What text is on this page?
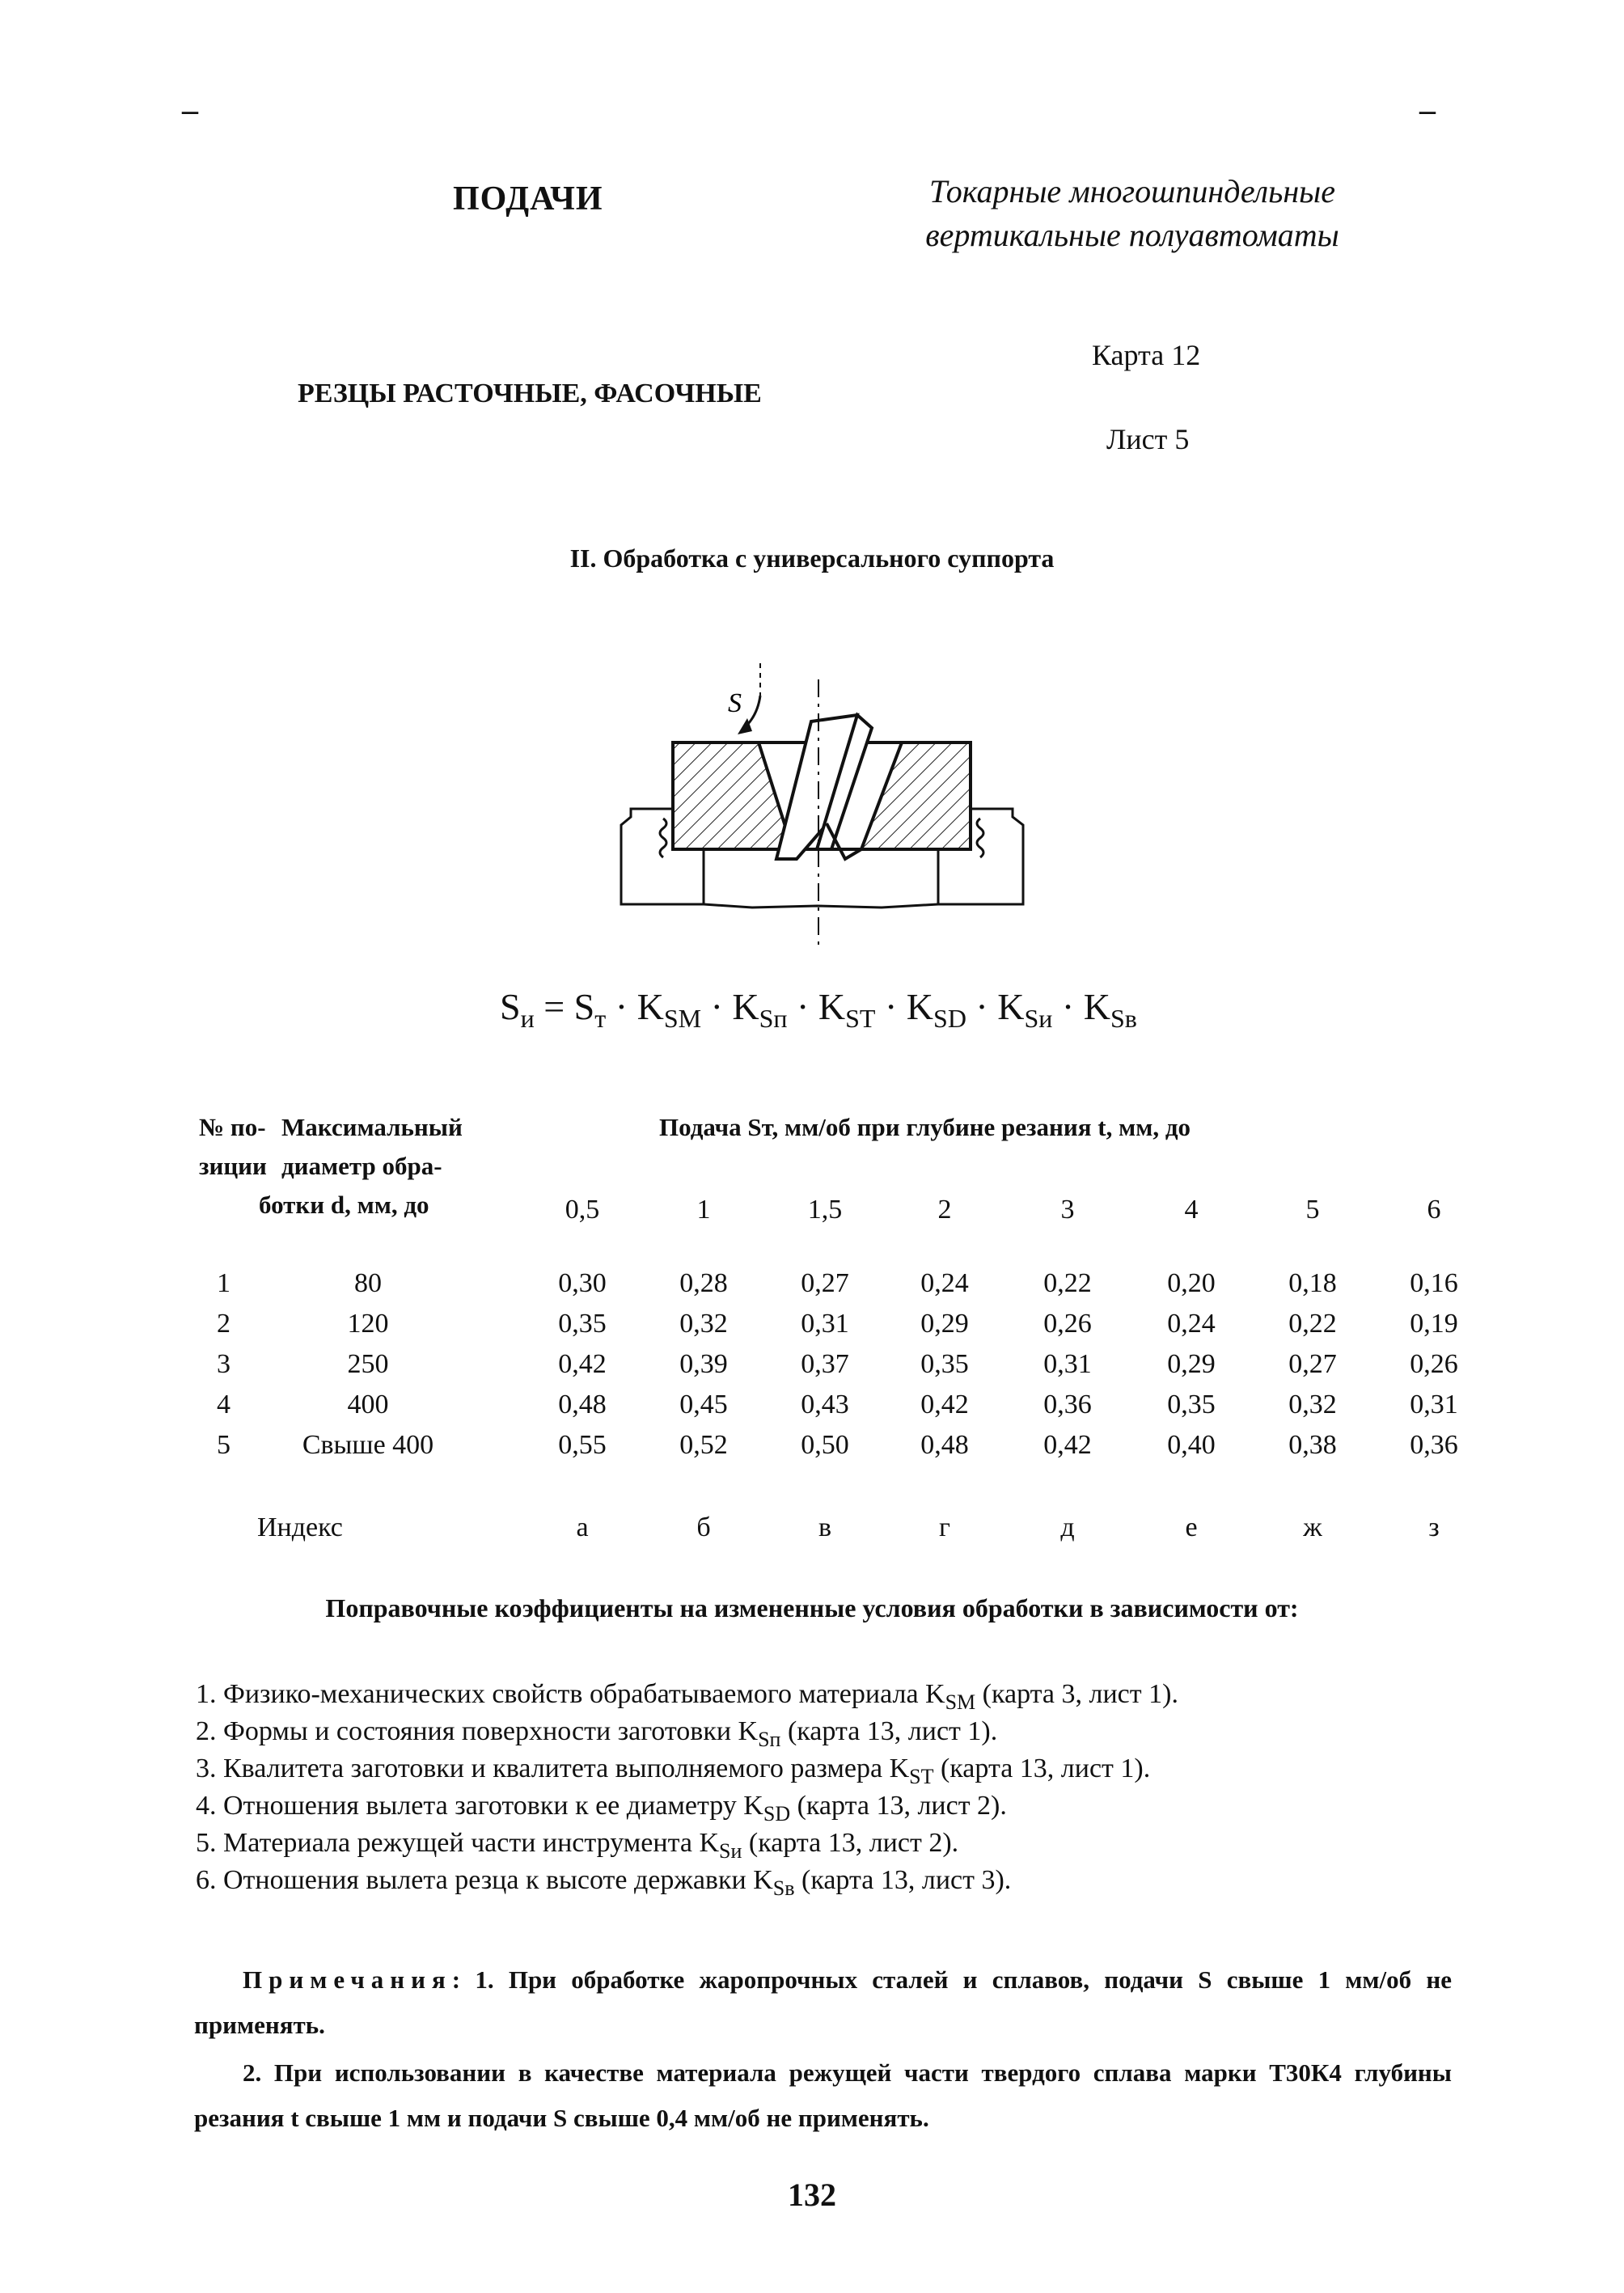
–	–
ПОДАЧИ	Токарные многошпиндельные
вертикальные полуавтоматы
Карта 12
РЕЗЦЫ РАСТОЧНЫЕ, ФАСОЧНЫЕ
Лист 5
II. Обработка с универсального суппорта
S
$S_и = S_т \cdot K_{SM} \cdot K_{Sп} \cdot K_{ST} \cdot K_{SD} \cdot K_{Sи} \cdot K_{Sв}$
№ по-
зиции
Максимальный
диаметр обра-
ботки d, мм, до
Подача Sт, мм/об при глубине резания t, мм, до
0,5	1	1,5	2	3	4	5	6
1	80	0,30	0,28	0,27	0,24	0,22	0,20	0,18	0,16
2	120	0,35	0,32	0,31	0,29	0,26	0,24	0,22	0,19
3	250	0,42	0,39	0,37	0,35	0,31	0,29	0,27	0,26
4	400	0,48	0,45	0,43	0,42	0,36	0,35	0,32	0,31
5	Свыше 400	0,55	0,52	0,50	0,48	0,42	0,40	0,38	0,36
Индекс	а	б	в	г	д	е	ж	з
Поправочные коэффициенты на измененные условия обработки в зависимости от:
1. Физико-механических свойств обрабатываемого материала $K_{SM}$ (карта 3, лист 1).
2. Формы и состояния поверхности заготовки $K_{Sп}$ (карта 13, лист 1).
3. Квалитета заготовки и квалитета выполняемого размера $K_{ST}$ (карта 13, лист 1).
4. Отношения вылета заготовки к ее диаметру $K_{SD}$ (карта 13, лист 2).
5. Материала режущей части инструмента $K_{Sи}$ (карта 13, лист 2).
6. Отношения вылета резца к высоте державки $K_{Sв}$ (карта 13, лист 3).
Примечания: 1. При обработке жаропрочных сталей и сплавов, подачи S свыше 1 мм/об не применять.
2. При использовании в качестве материала режущей части твердого сплава марки Т30К4 глубины резания t свыше 1 мм и подачи S свыше 0,4 мм/об не применять.
132
